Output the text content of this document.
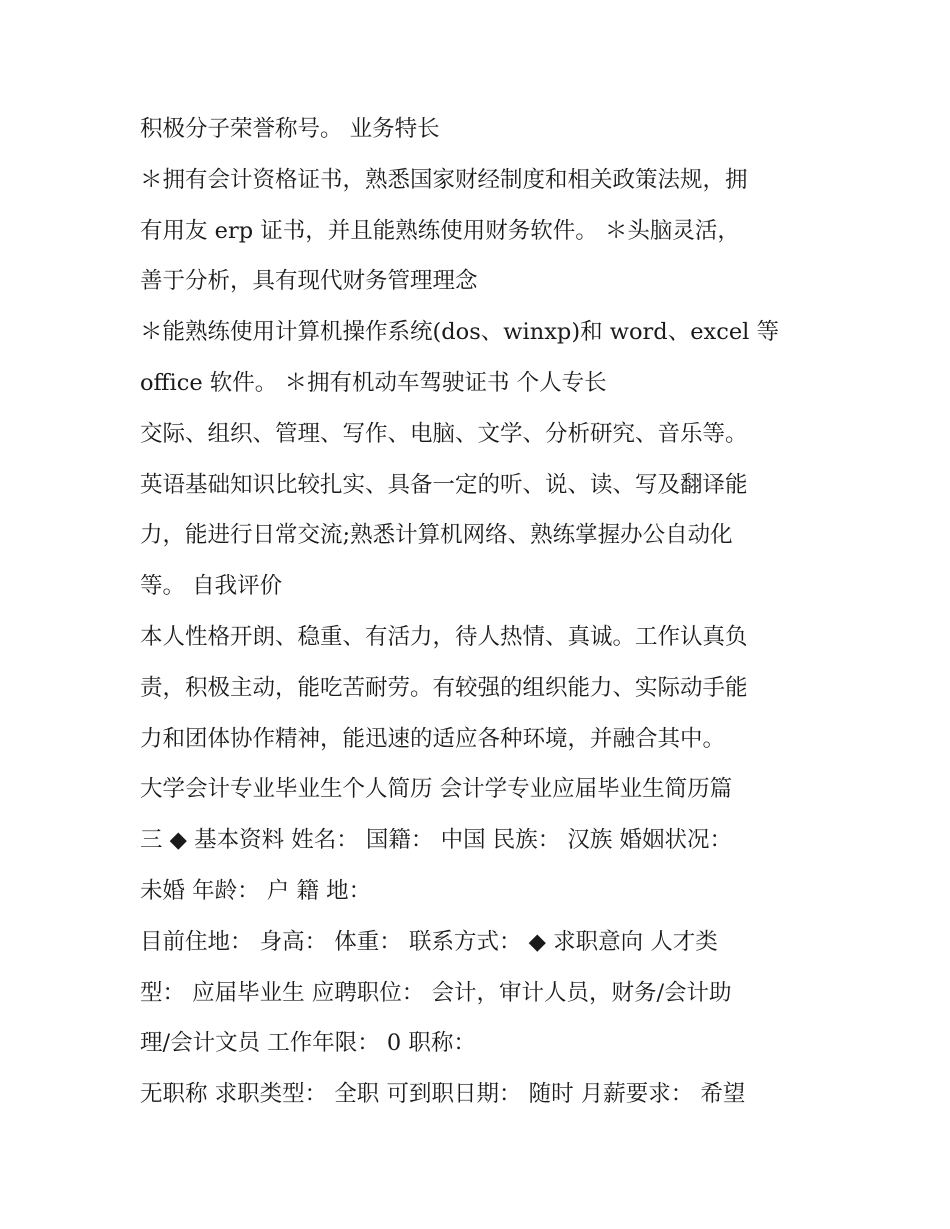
积极分子荣誉称号。 业务特长
＊拥有会计资格证书，熟悉国家财经制度和相关政策法规，拥
有用友 erp 证书，并且能熟练使用财务软件。 ＊头脑灵活，
善于分析，具有现代财务管理理念
＊能熟练使用计算机操作系统(dos、winxp)和 word、excel 等
office 软件。 ＊拥有机动车驾驶证书 个人专长
交际、组织、管理、写作、电脑、文学、分析研究、音乐等。
英语基础知识比较扎实、具备一定的听、说、读、写及翻译能
力，能进行日常交流;熟悉计算机网络、熟练掌握办公自动化
等。 自我评价
本人性格开朗、稳重、有活力，待人热情、真诚。工作认真负
责，积极主动，能吃苦耐劳。有较强的组织能力、实际动手能
力和团体协作精神，能迅速的适应各种环境，并融合其中。
大学会计专业毕业生个人简历 会计学专业应届毕业生简历篇
三 ◆ 基本资料 姓名： 国籍： 中国 民族： 汉族 婚姻状况：
未婚 年龄： 户 籍 地：
目前住地： 身高： 体重： 联系方式： ◆ 求职意向 人才类
型： 应届毕业生 应聘职位： 会计，审计人员，财务/会计助
理/会计文员 工作年限： 0 职称：
无职称 求职类型： 全职 可到职日期： 随时 月薪要求： 希望
